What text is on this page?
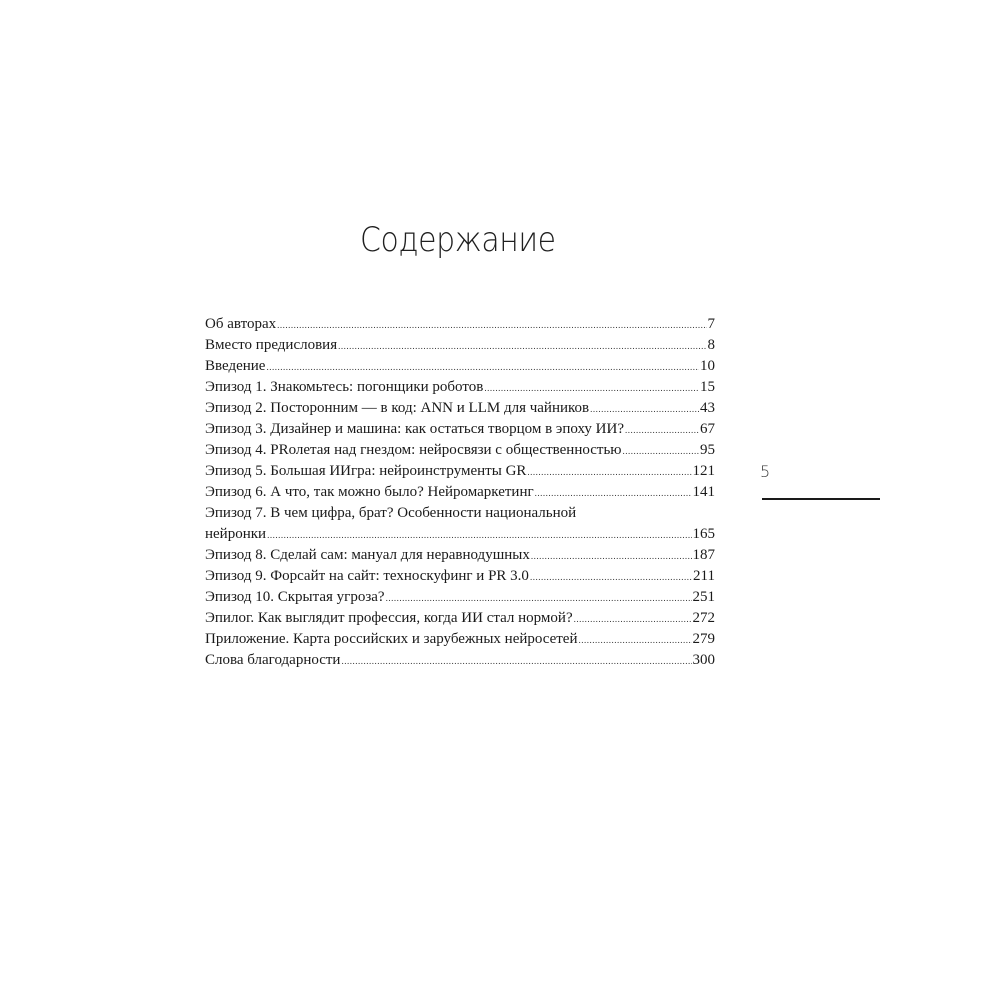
Содержание
Об авторах .....	7
Вместо предисловия .....	8
Введение .....	10
Эпизод 1. Знакомьтесь: погонщики роботов .....	15
Эпизод 2. Посторонним — в код: ANN и LLM для чайников .....	43
Эпизод 3. Дизайнер и машина: как остаться творцом в эпоху ИИ? .....	67
Эпизод 4. PRолетая над гнездом: нейросвязи с общественностью .....	95
Эпизод 5. Большая ИИгра: нейроинструменты GR .....	121
Эпизод 6. А что, так можно было? Нейромаркетинг .....	141
Эпизод 7. В чем цифра, брат? Особенности национальной
нейронки .....	165
Эпизод 8. Сделай сам: мануал для неравнодушных .....	187
Эпизод 9. Форсайт на сайт: техноскуфинг и PR 3.0 .....	211
Эпизод 10. Скрытая угроза? .....	251
Эпилог. Как выглядит профессия, когда ИИ стал нормой? .....	272
Приложение. Карта российских и зарубежных нейросетей .....	279
Слова благодарности .....	300
5
